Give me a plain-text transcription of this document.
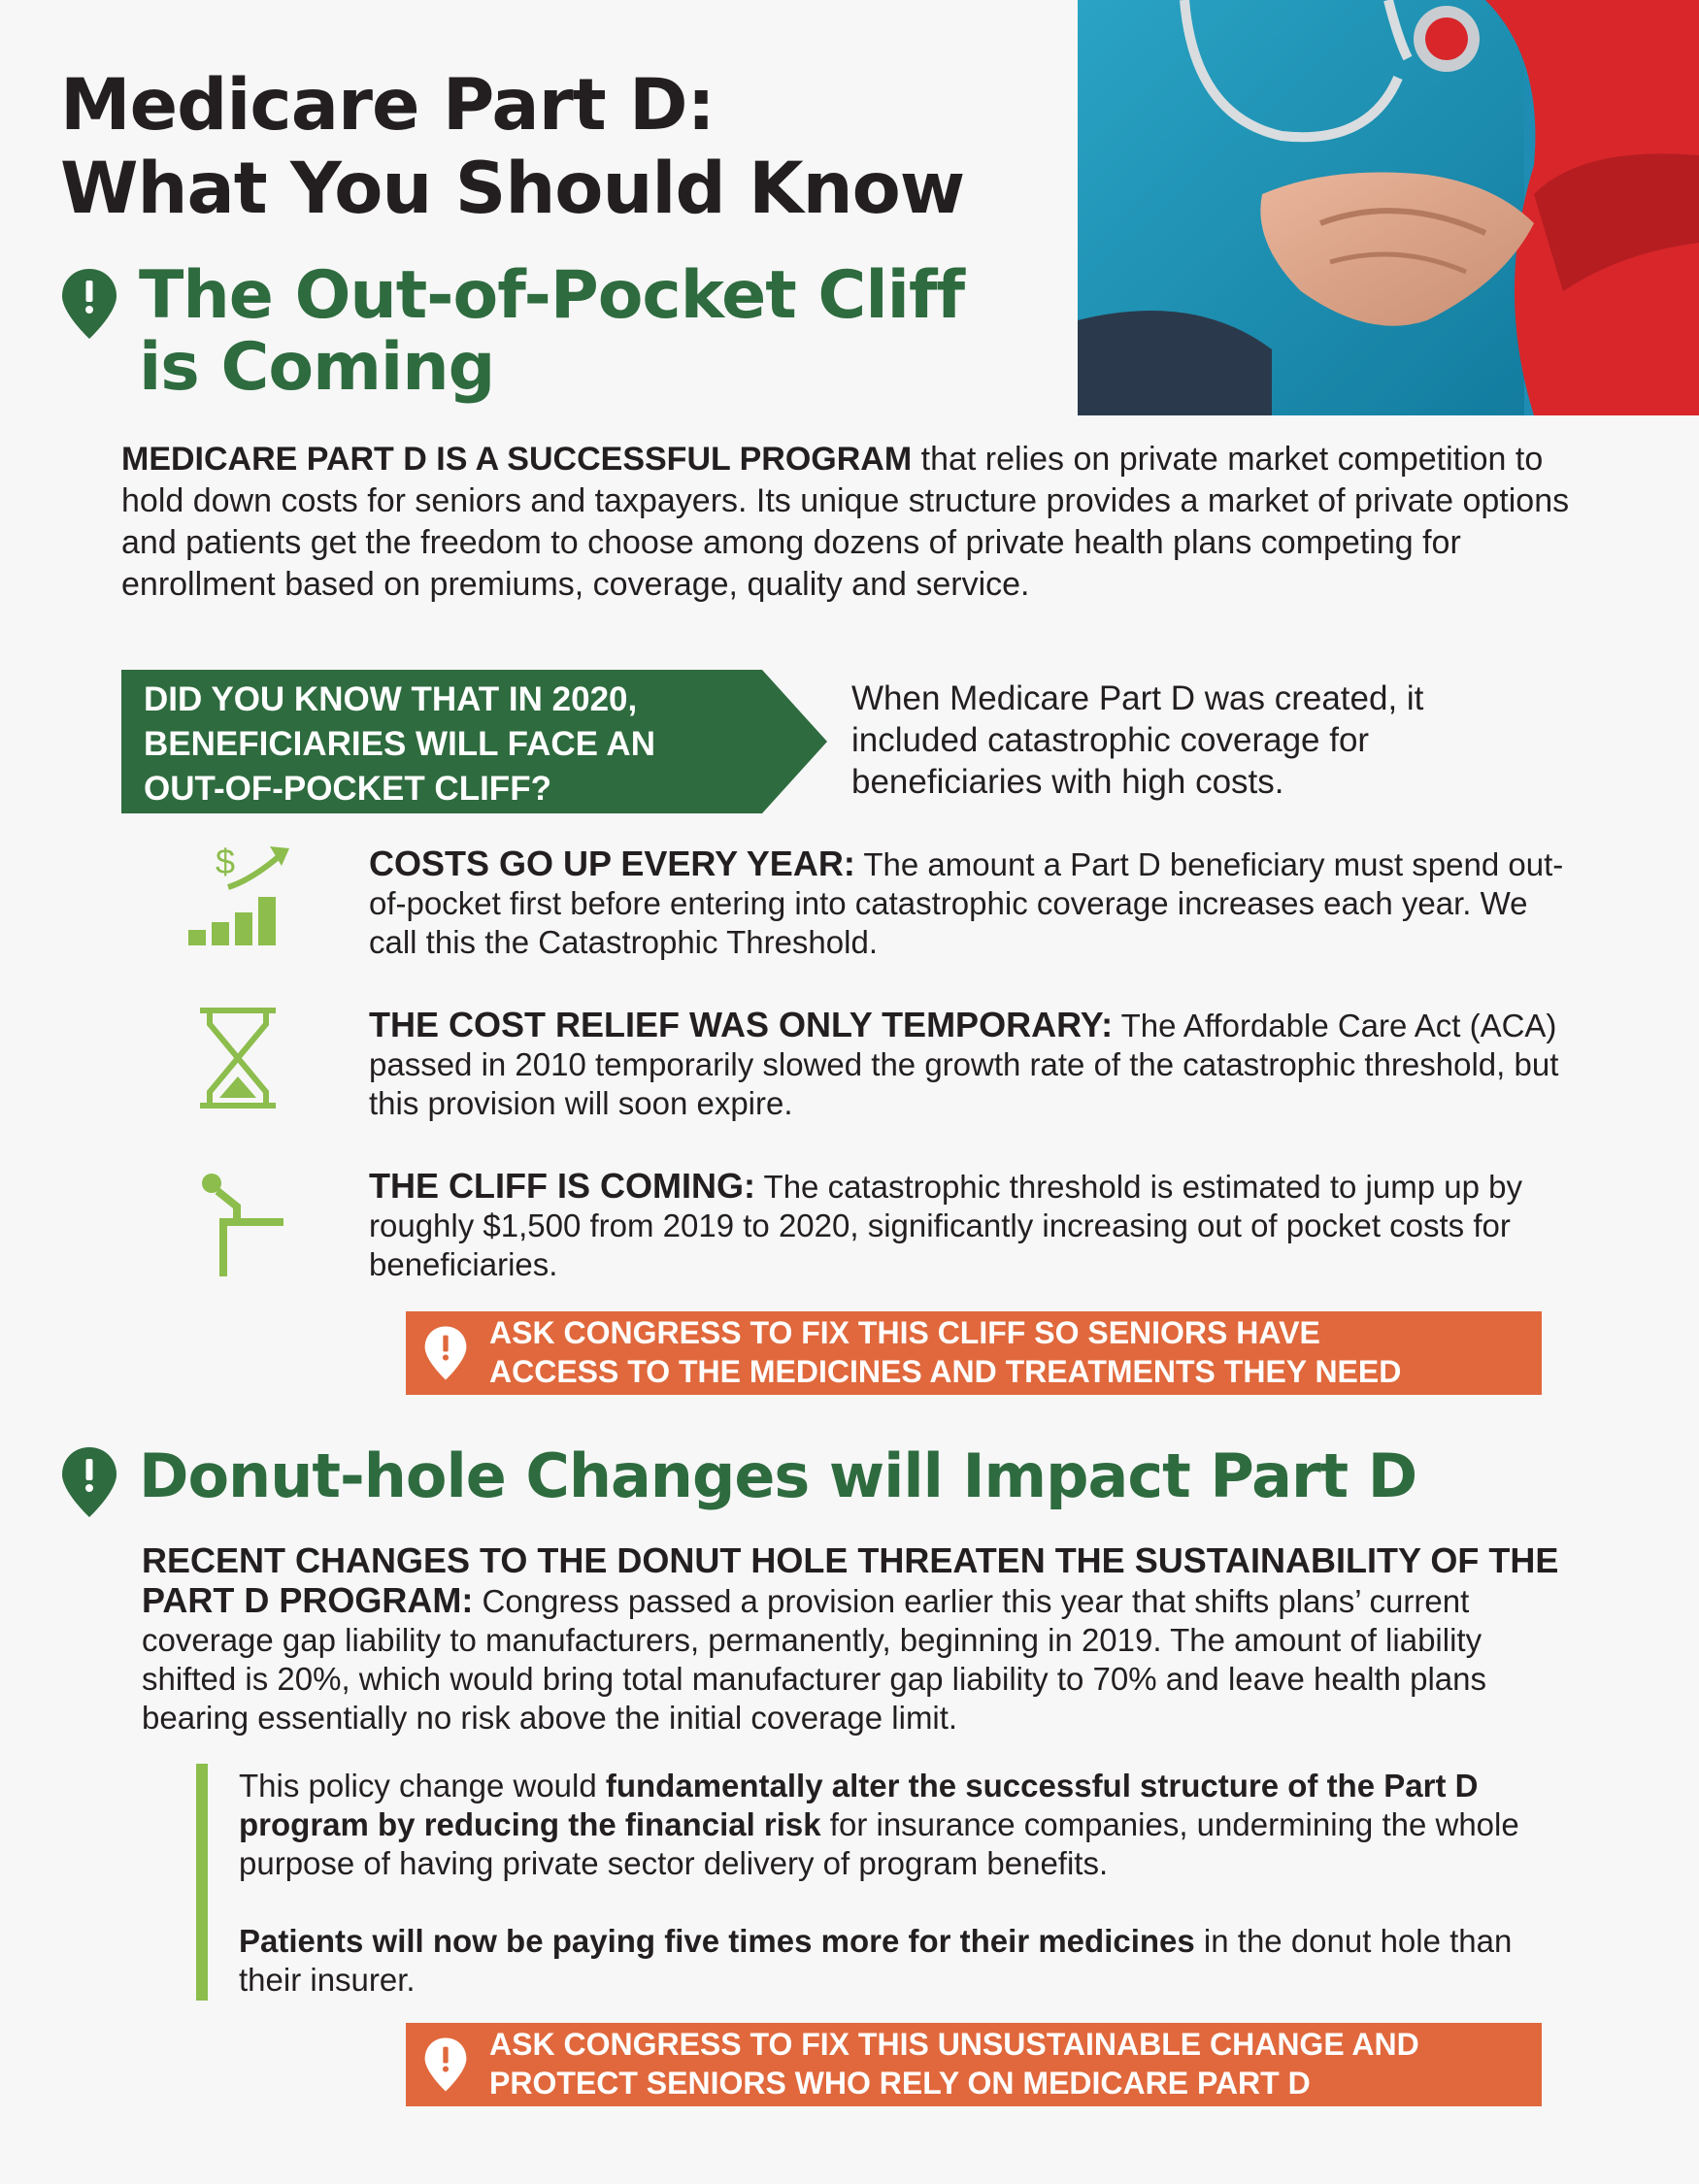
Medicare Part D:
What You Should Know
The Out-of-Pocket Cliff
is Coming

MEDICARE PART D IS A SUCCESSFUL PROGRAM that relies on private market competition to hold down costs for seniors and taxpayers. Its unique structure provides a market of private options and patients get the freedom to choose among dozens of private health plans competing for enrollment based on premiums, coverage, quality and service.

DID YOU KNOW THAT IN 2020, BENEFICIARIES WILL FACE AN OUT-OF-POCKET CLIFF?

When Medicare Part D was created, it included catastrophic coverage for beneficiaries with high costs.

$	COSTS GO UP EVERY YEAR: The amount a Part D beneficiary must spend out-of-pocket first before entering into catastrophic coverage increases each year. We call this the Catastrophic Threshold.

THE COST RELIEF WAS ONLY TEMPORARY: The Affordable Care Act (ACA) passed in 2010 temporarily slowed the growth rate of the catastrophic threshold, but this provision will soon expire.

THE CLIFF IS COMING: The catastrophic threshold is estimated to jump up by roughly $1,500 from 2019 to 2020, significantly increasing out of pocket costs for beneficiaries.

ASK CONGRESS TO FIX THIS CLIFF SO SENIORS HAVE
ACCESS TO THE MEDICINES AND TREATMENTS THEY NEED

Donut-hole Changes will Impact Part D

RECENT CHANGES TO THE DONUT HOLE THREATEN THE SUSTAINABILITY OF THE PART D PROGRAM: Congress passed a provision earlier this year that shifts plans’ current coverage gap liability to manufacturers, permanently, beginning in 2019. The amount of liability shifted is 20%, which would bring total manufacturer gap liability to 70% and leave health plans bearing essentially no risk above the initial coverage limit.

This policy change would fundamentally alter the successful structure of the Part D program by reducing the financial risk for insurance companies, undermining the whole purpose of having private sector delivery of program benefits.

Patients will now be paying five times more for their medicines in the donut hole than their insurer.

ASK CONGRESS TO FIX THIS UNSUSTAINABLE CHANGE AND
PROTECT SENIORS WHO RELY ON MEDICARE PART D
